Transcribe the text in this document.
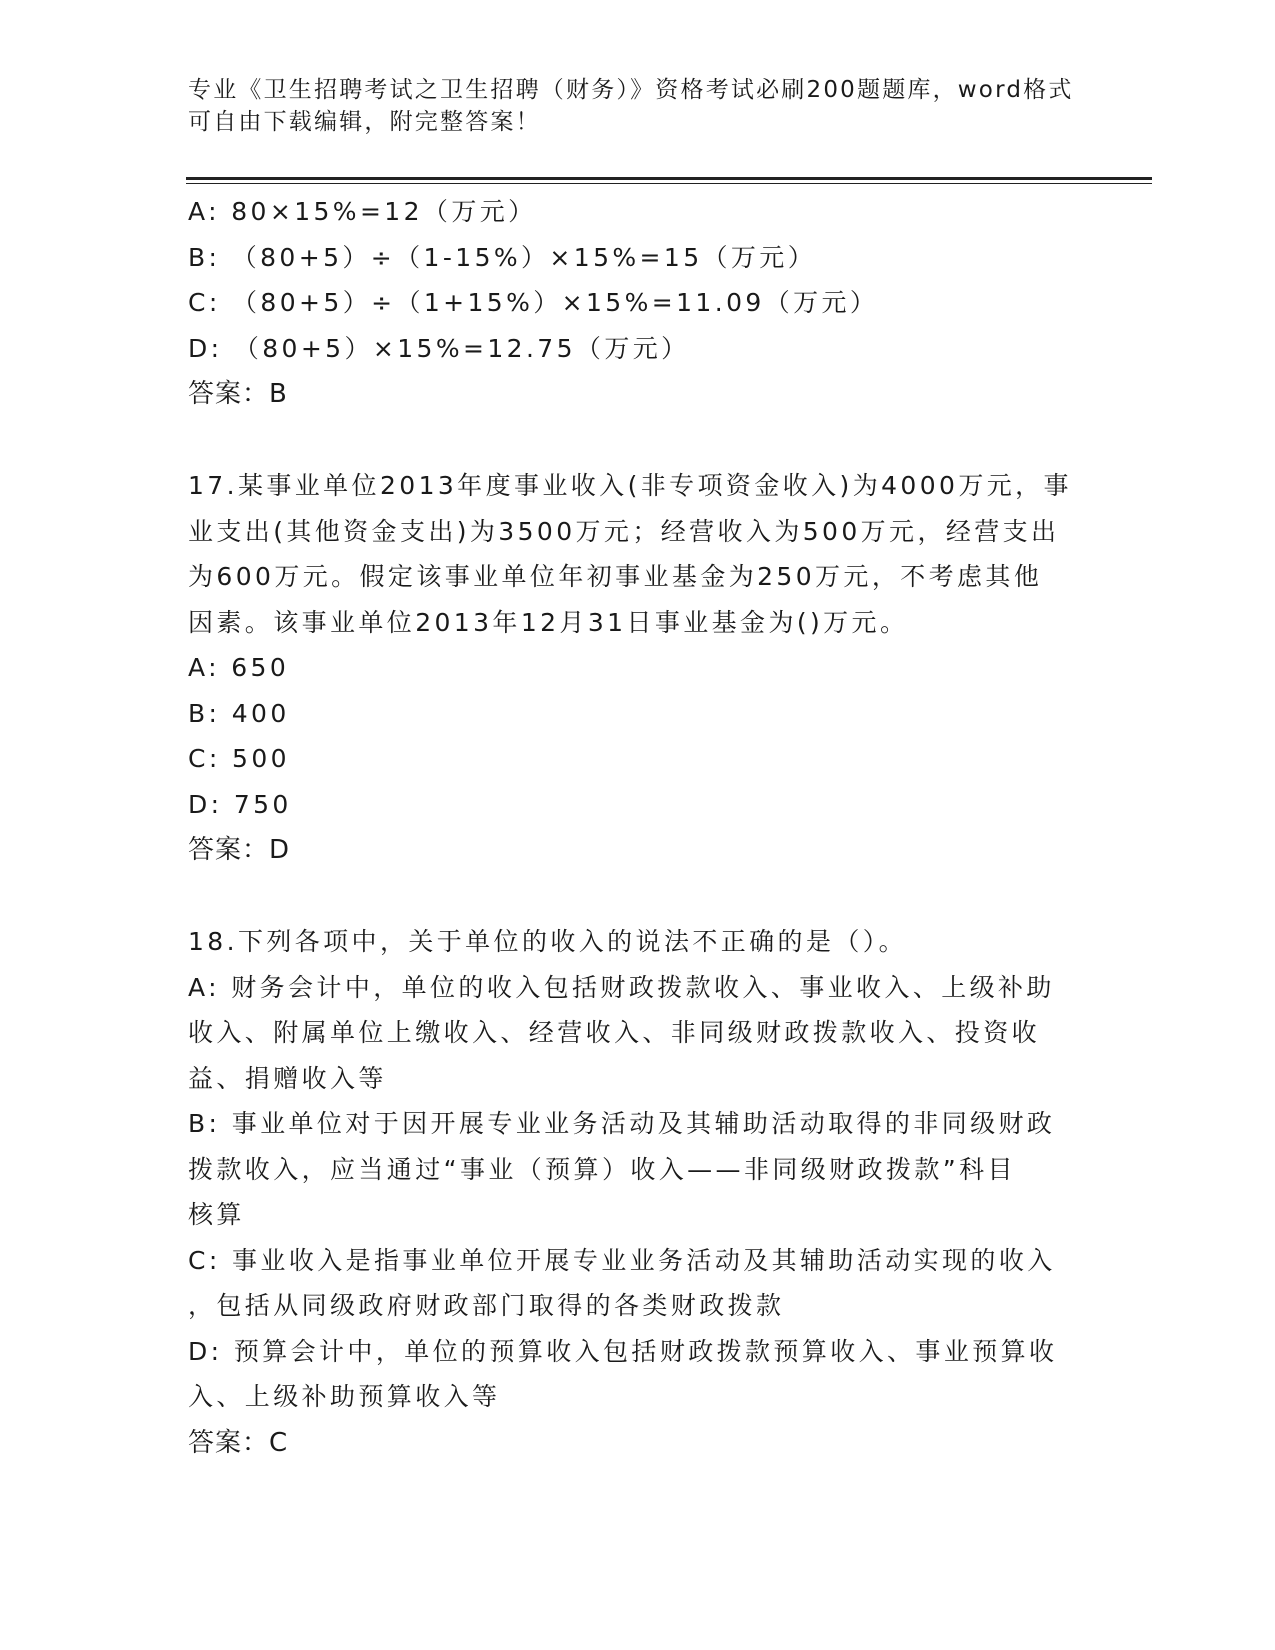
专业《卫生招聘考试之卫生招聘（财务）》资格考试必刷200题题库，word格式
可自由下载编辑，附完整答案！
A: 80×15%=12（万元）
B: （80+5）÷（1-15%）×15%=15（万元）
C: （80+5）÷（1+15%）×15%=11.09（万元）
D: （80+5）×15%=12.75（万元）
答案：B
17.某事业单位2013年度事业收入(非专项资金收入)为4000万元，事
业支出(其他资金支出)为3500万元；经营收入为500万元，经营支出
为600万元。假定该事业单位年初事业基金为250万元，不考虑其他
因素。该事业单位2013年12月31日事业基金为()万元。
A: 650
B: 400
C: 500
D: 750
答案：D
18.下列各项中，关于单位的收入的说法不正确的是（）。
A: 财务会计中，单位的收入包括财政拨款收入、事业收入、上级补助
收入、附属单位上缴收入、经营收入、非同级财政拨款收入、投资收
益、捐赠收入等
B: 事业单位对于因开展专业业务活动及其辅助活动取得的非同级财政
拨款收入，应当通过“事业（预算）收入——非同级财政拨款”科目
核算
C: 事业收入是指事业单位开展专业业务活动及其辅助活动实现的收入
，包括从同级政府财政部门取得的各类财政拨款
D: 预算会计中，单位的预算收入包括财政拨款预算收入、事业预算收
入、上级补助预算收入等
答案：C
